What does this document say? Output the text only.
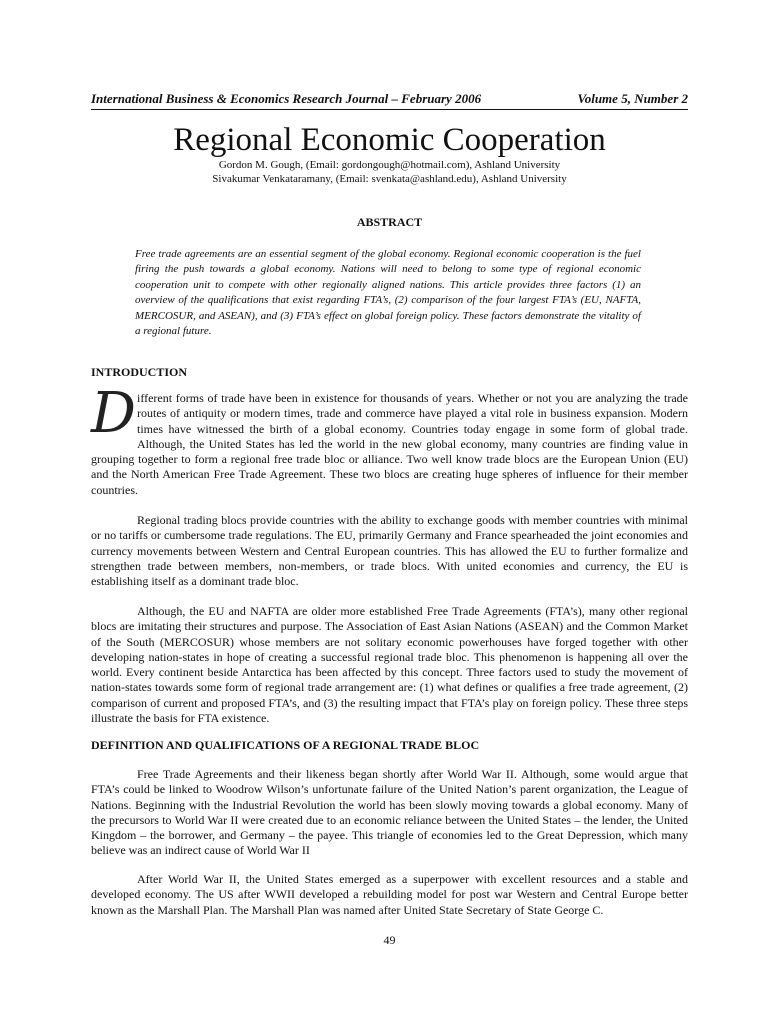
International Business & Economics Research Journal – February 2006	Volume 5, Number 2
Regional Economic Cooperation
Gordon M. Gough, (Email: gordongough@hotmail.com), Ashland University
Sivakumar Venkataramany, (Email: svenkata@ashland.edu), Ashland University
ABSTRACT
Free trade agreements are an essential segment of the global economy. Regional economic cooperation is the fuel firing the push towards a global economy. Nations will need to belong to some type of regional economic cooperation unit to compete with other regionally aligned nations. This article provides three factors (1) an overview of the qualifications that exist regarding FTA’s, (2) comparison of the four largest FTA’s (EU, NAFTA, MERCOSUR, and ASEAN), and (3) FTA’s effect on global foreign policy. These factors demonstrate the vitality of a regional future.
INTRODUCTION
Different forms of trade have been in existence for thousands of years. Whether or not you are analyzing the trade routes of antiquity or modern times, trade and commerce have played a vital role in business expansion. Modern times have witnessed the birth of a global economy. Countries today engage in some form of global trade. Although, the United States has led the world in the new global economy, many countries are finding value in grouping together to form a regional free trade bloc or alliance. Two well know trade blocs are the European Union (EU) and the North American Free Trade Agreement. These two blocs are creating huge spheres of influence for their member countries.
Regional trading blocs provide countries with the ability to exchange goods with member countries with minimal or no tariffs or cumbersome trade regulations. The EU, primarily Germany and France spearheaded the joint economies and currency movements between Western and Central European countries. This has allowed the EU to further formalize and strengthen trade between members, non-members, or trade blocs. With united economies and currency, the EU is establishing itself as a dominant trade bloc.
Although, the EU and NAFTA are older more established Free Trade Agreements (FTA’s), many other regional blocs are imitating their structures and purpose. The Association of East Asian Nations (ASEAN) and the Common Market of the South (MERCOSUR) whose members are not solitary economic powerhouses have forged together with other developing nation-states in hope of creating a successful regional trade bloc. This phenomenon is happening all over the world. Every continent beside Antarctica has been affected by this concept. Three factors used to study the movement of nation-states towards some form of regional trade arrangement are: (1) what defines or qualifies a free trade agreement, (2) comparison of current and proposed FTA’s, and (3) the resulting impact that FTA’s play on foreign policy. These three steps illustrate the basis for FTA existence.
DEFINITION AND QUALIFICATIONS OF A REGIONAL TRADE BLOC
Free Trade Agreements and their likeness began shortly after World War II. Although, some would argue that FTA’s could be linked to Woodrow Wilson’s unfortunate failure of the United Nation’s parent organization, the League of Nations. Beginning with the Industrial Revolution the world has been slowly moving towards a global economy. Many of the precursors to World War II were created due to an economic reliance between the United States – the lender, the United Kingdom – the borrower, and Germany – the payee. This triangle of economies led to the Great Depression, which many believe was an indirect cause of World War II
After World War II, the United States emerged as a superpower with excellent resources and a stable and developed economy. The US after WWII developed a rebuilding model for post war Western and Central Europe better known as the Marshall Plan. The Marshall Plan was named after United State Secretary of State George C.
49
